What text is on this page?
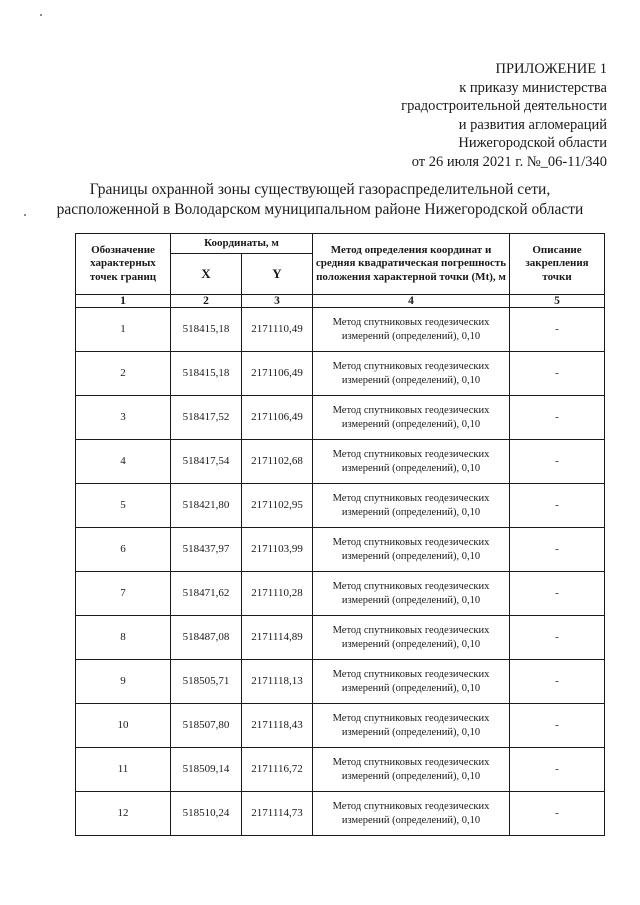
ПРИЛОЖЕНИЕ 1
к приказу министерства
градостроительной деятельности
и развития агломераций
Нижегородской области
от 26 июля 2021 г. №_06-11/340
Границы охранной зоны существующей газораспределительной сети,
расположенной в Володарском муниципальном районе Нижегородской области
Обозначение характерных точек границ	Координаты, м		Метод определения координат и средняя квадратическая погрешность положения характерной точки (Mt), м	Описание закрепления точки
	X	Y		
1	2	3	4	5
1	518415,18	2171110,49	Метод спутниковых геодезических измерений (определений), 0,10	-
2	518415,18	2171106,49	Метод спутниковых геодезических измерений (определений), 0,10	-
3	518417,52	2171106,49	Метод спутниковых геодезических измерений (определений), 0,10	-
4	518417,54	2171102,68	Метод спутниковых геодезических измерений (определений), 0,10	-
5	518421,80	2171102,95	Метод спутниковых геодезических измерений (определений), 0,10	-
6	518437,97	2171103,99	Метод спутниковых геодезических измерений (определений), 0,10	-
7	518471,62	2171110,28	Метод спутниковых геодезических измерений (определений), 0,10	-
8	518487,08	2171114,89	Метод спутниковых геодезических измерений (определений), 0,10	-
9	518505,71	2171118,13	Метод спутниковых геодезических измерений (определений), 0,10	-
10	518507,80	2171118,43	Метод спутниковых геодезических измерений (определений), 0,10	-
11	518509,14	2171116,72	Метод спутниковых геодезических измерений (определений), 0,10	-
12	518510,24	2171114,73	Метод спутниковых геодезических измерений (определений), 0,10	-
